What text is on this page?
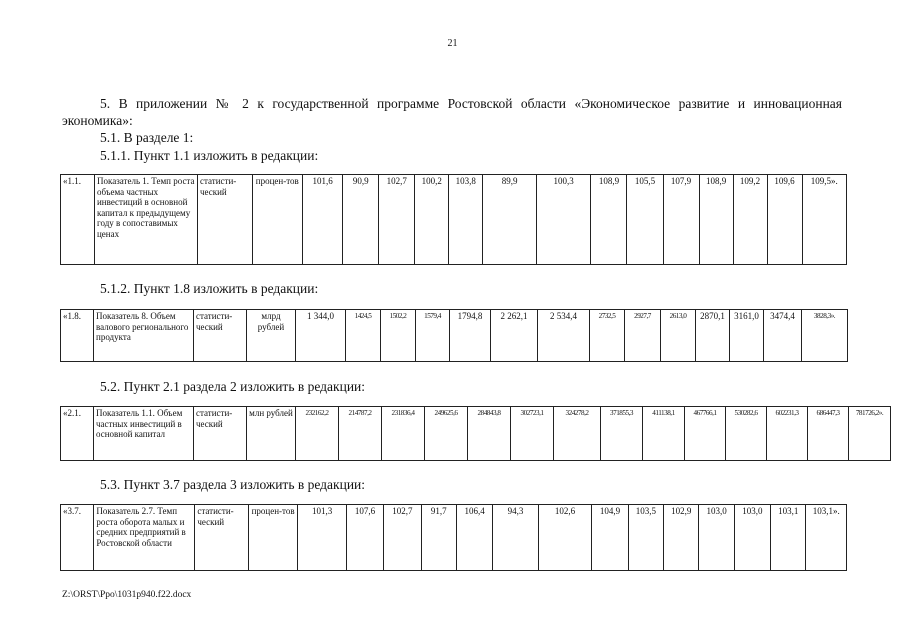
21
5. В приложении № 2 к государственной программе Ростовской области «Экономическое развитие и инновационная экономика»:
5.1. В разделе 1:
5.1.1. Пункт 1.1 изложить в редакции:
«1.1.	Показатель 1. Темп роста объема частных инвестиций в основной капитал к предыдущему году в сопоставимых ценах	статисти-ческий	процен-тов	101,6	90,9	102,7	100,2	103,8	89,9	100,3	108,9	105,5	107,9	108,9	109,2	109,6	109,5».
5.1.2. Пункт 1.8 изложить в редакции:
«1.8.	Показатель 8. Объем валового регионального продукта	статисти-ческий	млрд рублей	1 344,0	1424,5	1502,2	1579,4	1794,8	2 262,1	2 534,4	2732,5	2927,7	2613,0	2870,1	3161,0	3474,4	3828,3».
5.2. Пункт 2.1 раздела 2 изложить в редакции:
«2.1.	Показатель 1.1. Объем частных инвестиций в основной капитал	статисти-ческий	млн рублей	232162,2	214787,2	231836,4	249625,6	284843,8	302723,1	324278,2	371855,3	411138,1	467766,1	530282,6	602231,3	686447,3	781726,2».
5.3. Пункт 3.7 раздела 3 изложить в редакции:
«3.7.	Показатель 2.7. Темп роста оборота малых и средних предприятий в Ростовской области	статисти-ческий	процен-тов	101,3	107,6	102,7	91,7	106,4	94,3	102,6	104,9	103,5	102,9	103,0	103,0	103,1	103,1».
Z:\ORST\Ppo\1031p940.f22.docx
